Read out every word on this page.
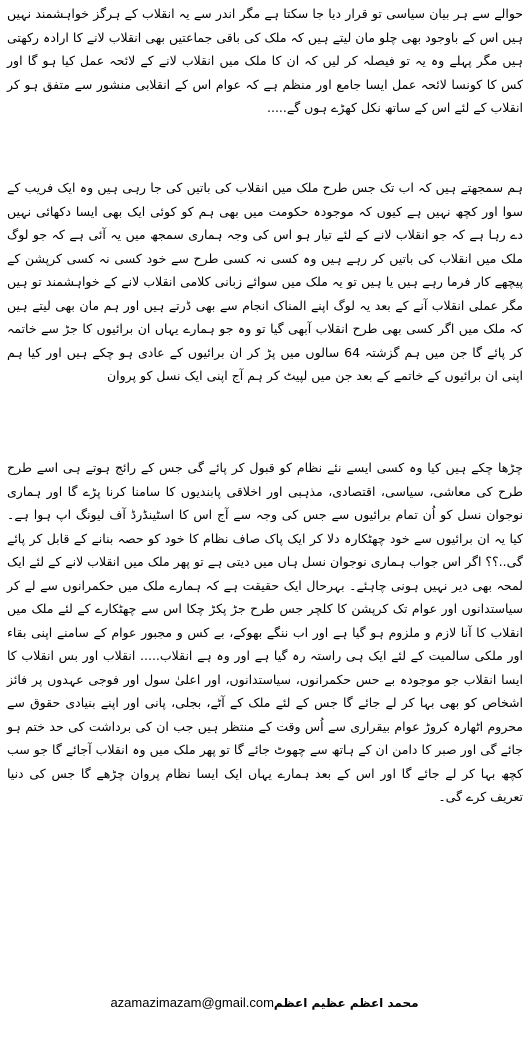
حوالے سے ہر بیان سیاسی تو قرار دیا جا سکتا ہے مگر اندر سے یہ انقلاب کے ہرگز خواہشمند نہیں ہیں اس کے باوجود بھی چلو مان لیتے ہیں کہ ملک کی باقی جماعتیں بھی انقلاب لانے کا ارادہ رکھتی ہیں مگر پہلے وہ یہ تو فیصلہ کر لیں کہ ان کا ملک میں انقلاب لانے کے لائحہ عمل کیا ہو گا اور کس کا کونسا لائحہ عمل ایسا جامع اور منظم ہے کہ عوام اس کے انقلابی منشور سے متفق ہو کر انقلاب کے لئے اس کے ساتھ نکل کھڑے ہوں گے.....

ہم سمجھتے ہیں کہ اب تک جس طرح ملک میں انقلاب کی باتیں کی جا رہی ہیں وہ ایک فریب کے سوا اور کچھ نہیں ہے کیوں کہ موجودہ حکومت میں بھی ہم کو کوئی ایک بھی ایسا دکھائی نہیں دے رہا ہے کہ جو انقلاب لانے کے لئے تیار ہو اس کی وجہ ہماری سمجھ میں یہ آئی ہے کہ جو لوگ ملک میں انقلاب کی باتیں کر رہے ہیں وہ کسی نہ کسی طرح سے خود کسی نہ کسی کرپشن کے پیچھے کار فرما رہے ہیں یا ہیں تو یہ ملک میں سوائے زبانی کلامی انقلاب لانے کے خواہشمند تو ہیں مگر عملی انقلاب آنے کے بعد یہ لوگ اپنے المناک انجام سے بھی ڈرتے ہیں اور ہم مان بھی لیتے ہیں کہ ملک میں اگر کسی بھی طرح انقلاب آبھی گیا تو وہ جو ہمارے یہاں ان برائیوں کا جڑ سے خاتمہ کر پائے گا جن میں ہم گزشتہ 64 سالوں میں پڑ کر ان برائیوں کے عادی ہو چکے ہیں اور کیا ہم اپنی ان برائیوں کے خاتمے کے بعد جن میں لپیٹ کر ہم آج اپنی ایک نسل کو پروان

چڑھا چکے ہیں کیا وہ کسی ایسے نئے نظام کو قبول کر پائے گی جس کے رائج ہوتے ہی اسے طرح طرح کی معاشی، سیاسی، اقتصادی، مذہبی اور اخلاقی پابندیوں کا سامنا کرنا پڑے گا اور ہماری نوجوان نسل کو اُن تمام برائیوں سے جس کی وجہ سے آج اس کا اسٹینڈرڈ آف لیونگ اپ ہوا ہے۔ کیا یہ ان برائیوں سے خود چھٹکارہ دلا کر ایک پاک صاف نظام کا خود کو حصہ بنانے کے قابل کر پائے گی..؟؟ اگر اس جواب ہماری نوجوان نسل ہاں میں دیتی ہے تو پھر ملک میں انقلاب لانے کے لئے ایک لمحہ بھی دیر نہیں ہونی چاہئے۔ بہرحال ایک حقیقت ہے کہ ہمارے ملک میں حکمرانوں سے لے کر سیاستدانوں اور عوام تک کرپشن کا کلچر جس طرح جڑ پکڑ چکا اس سے چھٹکارے کے لئے ملک میں انقلاب کا آنا لازم و ملزوم ہو گیا ہے اور اب ننگے بھوکے، بے کس و مجبور عوام کے سامنے اپنی بقاء اور ملکی سالمیت کے لئے ایک ہی راستہ رہ گیا ہے اور وہ ہے انقلاب..... انقلاب اور بس انقلاب کا ایسا انقلاب جو موجودہ بے حس حکمرانوں، سیاستدانوں، اور اعلیٰ سول اور فوجی عہدوں پر فائز اشخاص کو بھی بہا کر لے جائے گا جس کے لئے ملک کے آٹے، بجلی، پانی اور اپنے بنیادی حقوق سے محروم اٹھارہ کروڑ عوام بیقراری سے اُس وقت کے منتظر ہیں جب ان کی برداشت کی حد ختم ہو جائے گی اور صبر کا دامن ان کے ہاتھ سے چھوٹ جائے گا تو پھر ملک میں وہ انقلاب آجائے گا جو سب کچھ بہا کر لے جائے گا اور اس کے بعد ہمارے یہاں ایک ایسا نظام پروان چڑھے گا جس کی دنیا تعریف کرے گی۔

azamazimazam@gmail.comمحمد اعظم عظیم اعظم
